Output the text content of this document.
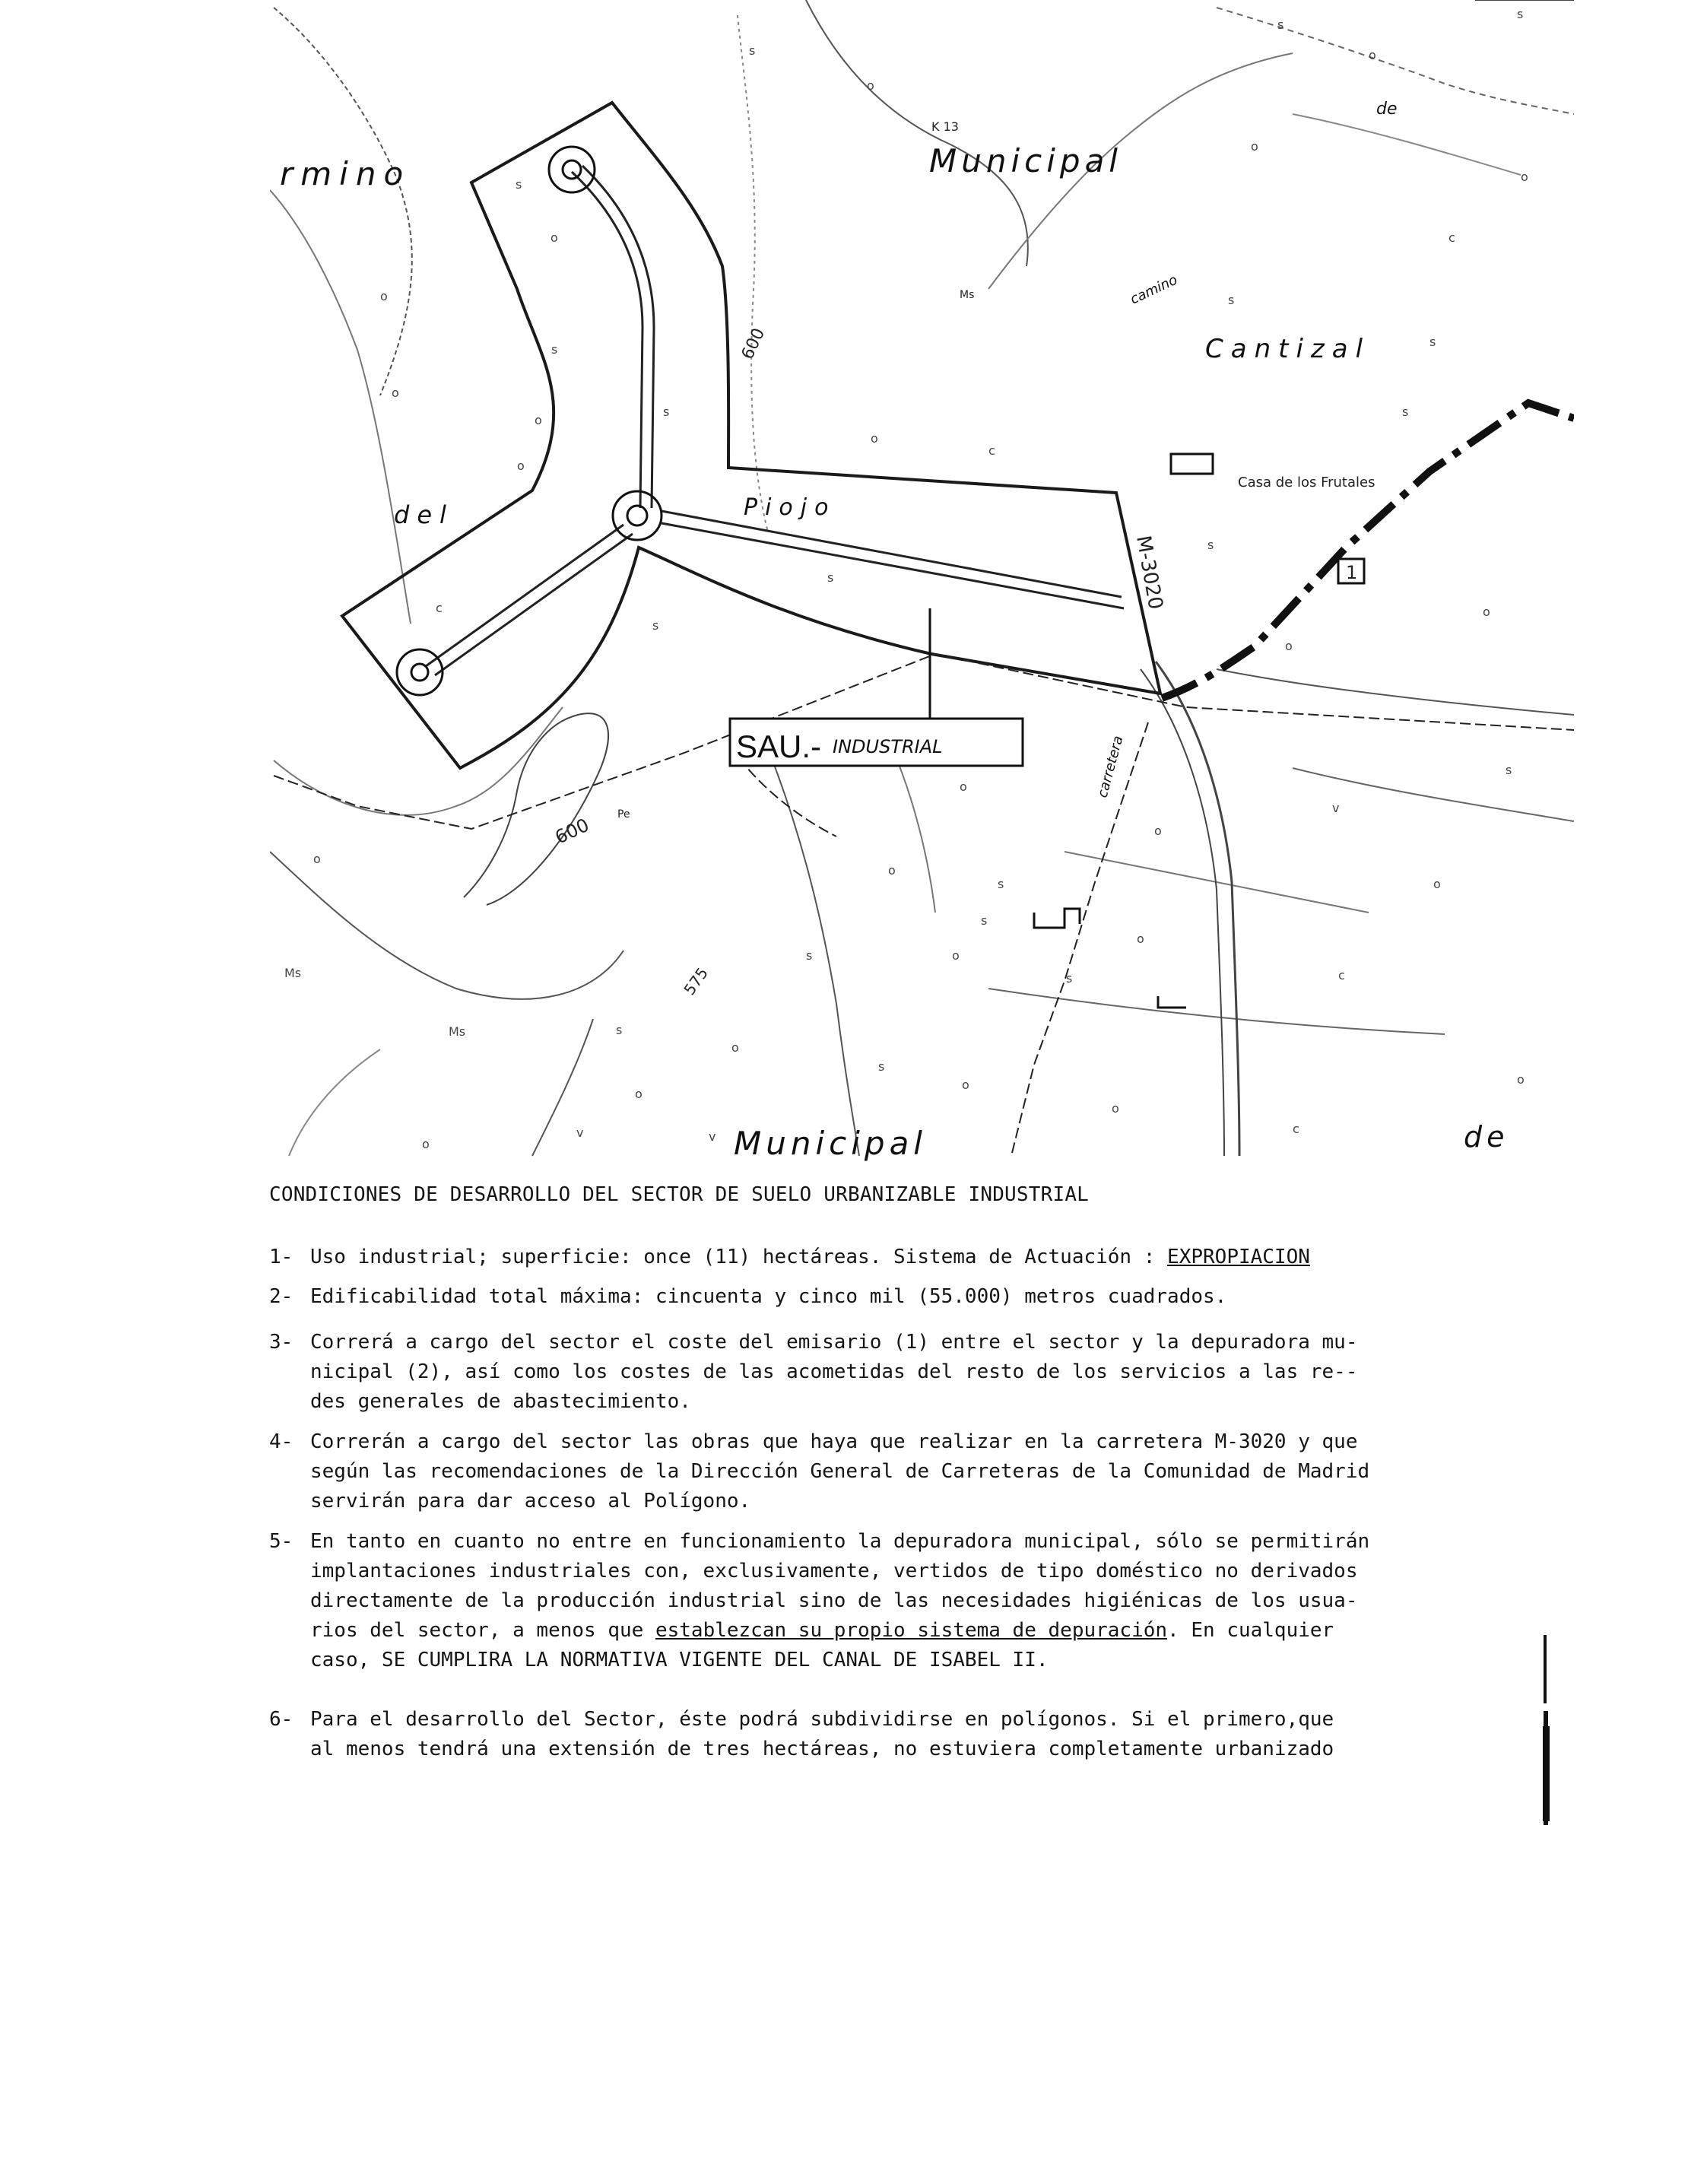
SAU.- INDUSTRIAL
rmino	Municipal
Cantizal
del	Piojo
Casa de los Frutales
M-3020
Municipal	de
de
K 13
600
575
600
camino
carretera
Ms
Pe
1
s
o
s
o
s
s
o
o
o
c
o
s
s
o
s
o
c
o
o
s
s
s
s
o
o
c
o
v
o
o
s
s
o
o
s	c
o
s
s
o
s
o
o
o
c
o
Ms
Ms
o
v	v
o
s
s
CONDICIONES DE DESARROLLO DEL SECTOR DE SUELO URBANIZABLE INDUSTRIAL
1- Uso industrial; superficie: once (11) hectáreas. Sistema de Actuación : EXPROPIACION
2- Edificabilidad total máxima: cincuenta y cinco mil (55.000) metros cuadrados.
3- Correrá a cargo del sector el coste del emisario (1) entre el sector y la depuradora mu-
nicipal (2), así como los costes de las acometidas del resto de los servicios a las re--
des generales de abastecimiento.
4- Correrán a cargo del sector las obras que haya que realizar en la carretera M-3020 y que
según las recomendaciones de la Dirección General de Carreteras de la Comunidad de Madrid
servirán para dar acceso al Polígono.
5- En tanto en cuanto no entre en funcionamiento la depuradora municipal, sólo se permitirán
implantaciones industriales con, exclusivamente, vertidos de tipo doméstico no derivados
directamente de la producción industrial sino de las necesidades higiénicas de los usua-
rios del sector, a menos que establezcan su propio sistema de depuración. En cualquier
caso, SE CUMPLIRA LA NORMATIVA VIGENTE DEL CANAL DE ISABEL II.
6- Para el desarrollo del Sector, éste podrá subdividirse en polígonos. Si el primero,que
al menos tendrá una extensión de tres hectáreas, no estuviera completamente urbanizado
